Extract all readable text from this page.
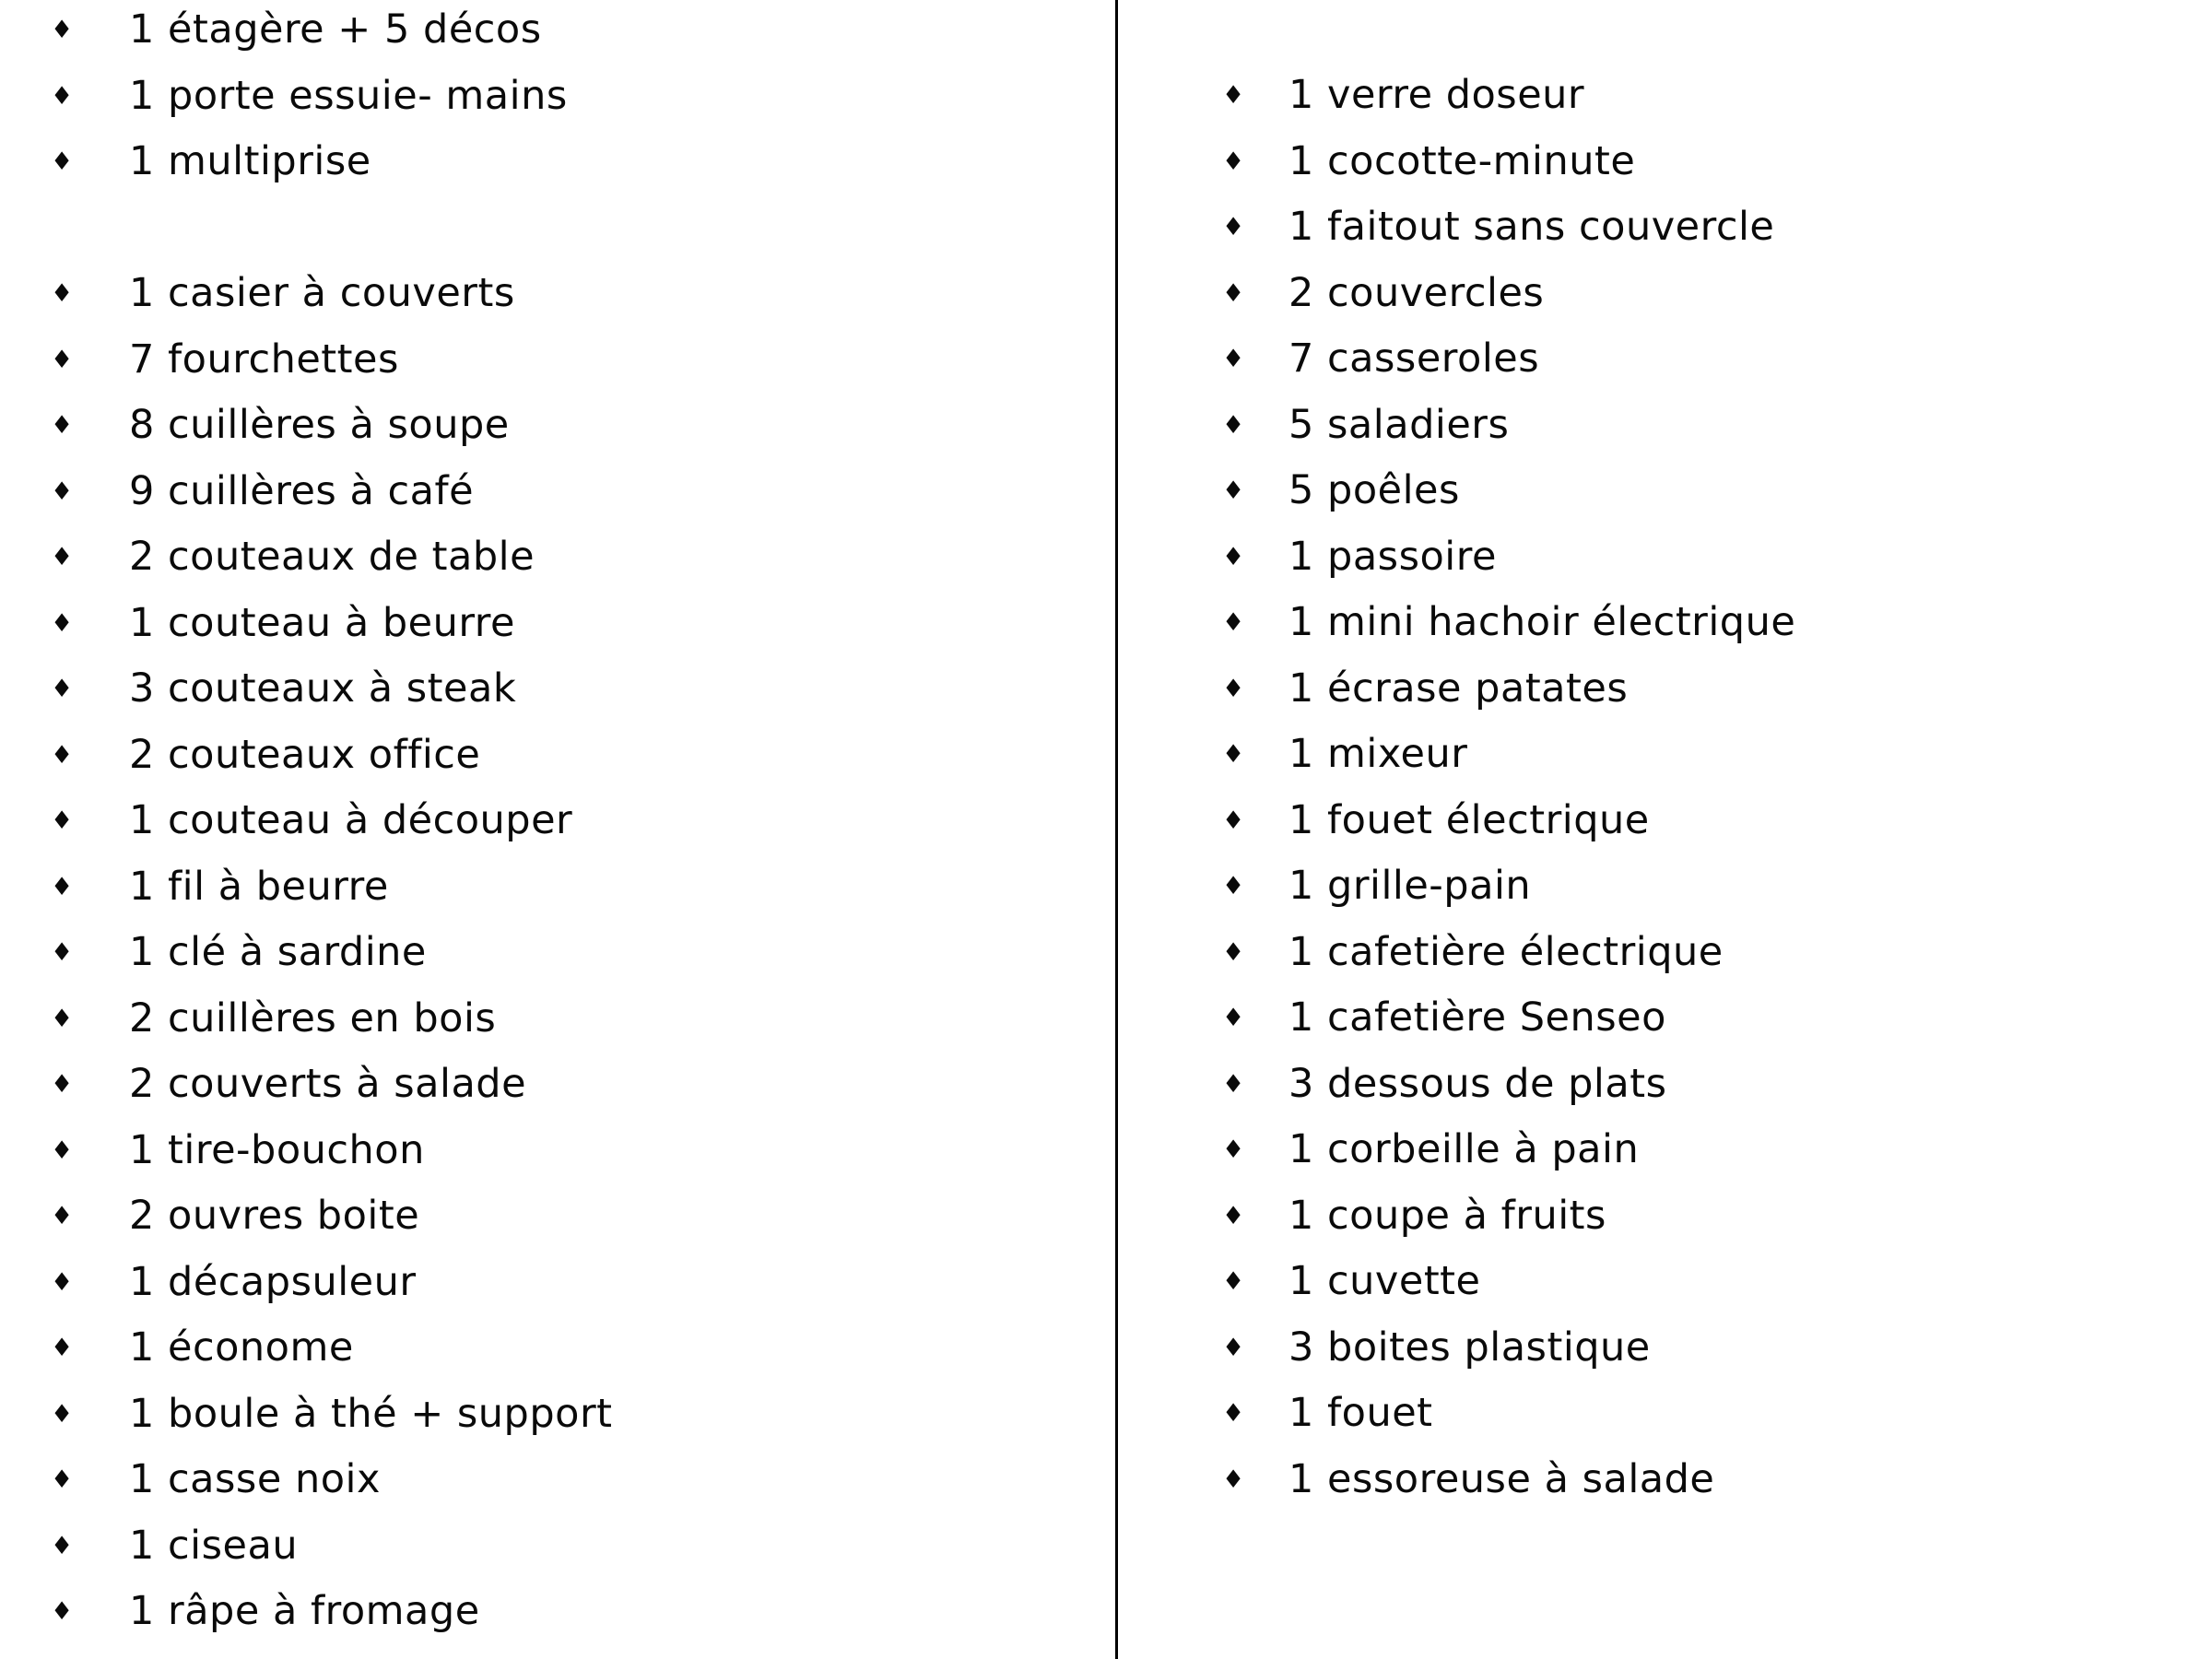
♦	1 étagère + 5 décos
♦	1 porte essuie- mains
♦	1 multiprise
♦	1 casier à couverts
♦	7 fourchettes
♦	8 cuillères à soupe
♦	9 cuillères à café
♦	2 couteaux de table
♦	1 couteau à beurre
♦	3 couteaux à steak
♦	2 couteaux office
♦	1 couteau à découper
♦	1 fil à beurre
♦	1 clé à sardine
♦	2 cuillères en bois
♦	2 couverts à salade
♦	1 tire-bouchon
♦	2 ouvres boite
♦	1 décapsuleur
♦	1 économe
♦	1 boule à thé + support
♦	1 casse noix
♦	1 ciseau
♦	1 râpe à fromage
♦	1 verre doseur
♦	1 cocotte-minute
♦	1 faitout sans couvercle
♦	2 couvercles
♦	7 casseroles
♦	5 saladiers
♦	5 poêles
♦	1 passoire
♦	1 mini hachoir électrique
♦	1 écrase patates
♦	1 mixeur
♦	1 fouet électrique
♦	1 grille-pain
♦	1 cafetière électrique
♦	1 cafetière Senseo
♦	3 dessous de plats
♦	1 corbeille à pain
♦	1 coupe à fruits
♦	1 cuvette
♦	3 boites plastique
♦	1 fouet
♦	1 essoreuse à salade
